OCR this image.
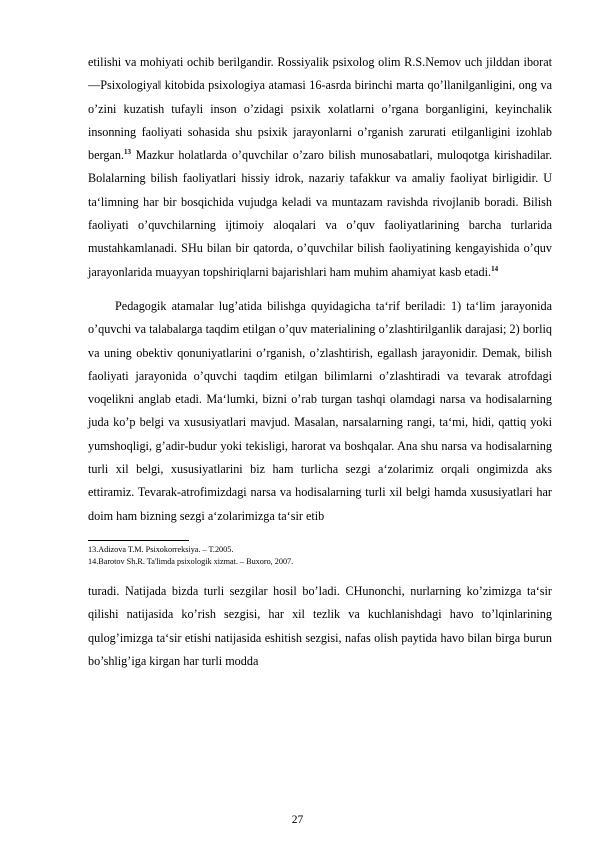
etilishi va mohiyati ochib berilgandir. Rossiyalik psixolog olim R.S.Nemov uch jilddan iborat ―Psixologiya‖ kitobida psixologiya atamasi 16-asrda birinchi marta qo’llanilganligini, ong va o’zini kuzatish tufayli inson o’zidagi psixik xolatlarni o’rgana borganligini, keyinchalik insonning faoliyati sohasida shu psixik jarayonlarni o’rganish zarurati etilganligini izohlab bergan.$^{13}$ Mazkur holatlarda o’quvchilar o’zaro bilish munosabatlari, muloqotga kirishadilar. Bolalarning bilish faoliyatlari hissiy idrok, nazariy tafakkur va amaliy faoliyat birligidir. U ta‘limning har bir bosqichida vujudga keladi va muntazam ravishda rivojlanib boradi. Bilish faoliyati o’quvchilarning ijtimoiy aloqalari va o’quv faoliyatlarining barcha turlarida mustahkamlanadi. SHu bilan bir qatorda, o’quvchilar bilish faoliyatining kengayishida o’quv jarayonlarida muayyan topshiriqlarni bajarishlari ham muhim ahamiyat kasb etadi.$^{14}$

Pedagogik atamalar lug’atida bilishga quyidagicha ta‘rif beriladi: 1) ta‘lim jarayonida o’quvchi va talabalarga taqdim etilgan o’quv materialining o’zlashtirilganlik darajasi; 2) borliq va uning obektiv qonuniyatlarini o’rganish, o’zlashtirish, egallash jarayonidir. Demak, bilish faoliyati jarayonida o’quvchi taqdim etilgan bilimlarni o’zlashtiradi va tevarak atrofdagi voqelikni anglab etadi. Ma‘lumki, bizni o’rab turgan tashqi olamdagi narsa va hodisalarning juda ko’p belgi va xususiyatlari mavjud. Masalan, narsalarning rangi, ta‘mi, hidi, qattiq yoki yumshoqligi, g’adir-budur yoki tekisligi, harorat va boshqalar. Ana shu narsa va hodisalarning turli xil belgi, xususiyatlarini biz ham turlicha sezgi a‘zolarimiz orqali ongimizda aks ettiramiz. Tevarak-atrofimizdagi narsa va hodisalarning turli xil belgi hamda xususiyatlari har doim ham bizning sezgi a‘zolarimizga ta‘sir etib

13.Adizova T.M. Psixokorreksiya. – T.2005.

14.Barotov Sh.R. Ta'limda psixologik xizmat. – Buxoro, 2007.

turadi. Natijada bizda turli sezgilar hosil bo’ladi. CHunonchi, nurlarning ko’zimizga ta‘sir qilishi natijasida ko’rish sezgisi, har xil tezlik va kuchlanishdagi havo to’lqinlarining qulog’imizga ta‘sir etishi natijasida eshitish sezgisi, nafas olish paytida havo bilan birga burun bo’shlig’iga kirgan har turli modda

27
